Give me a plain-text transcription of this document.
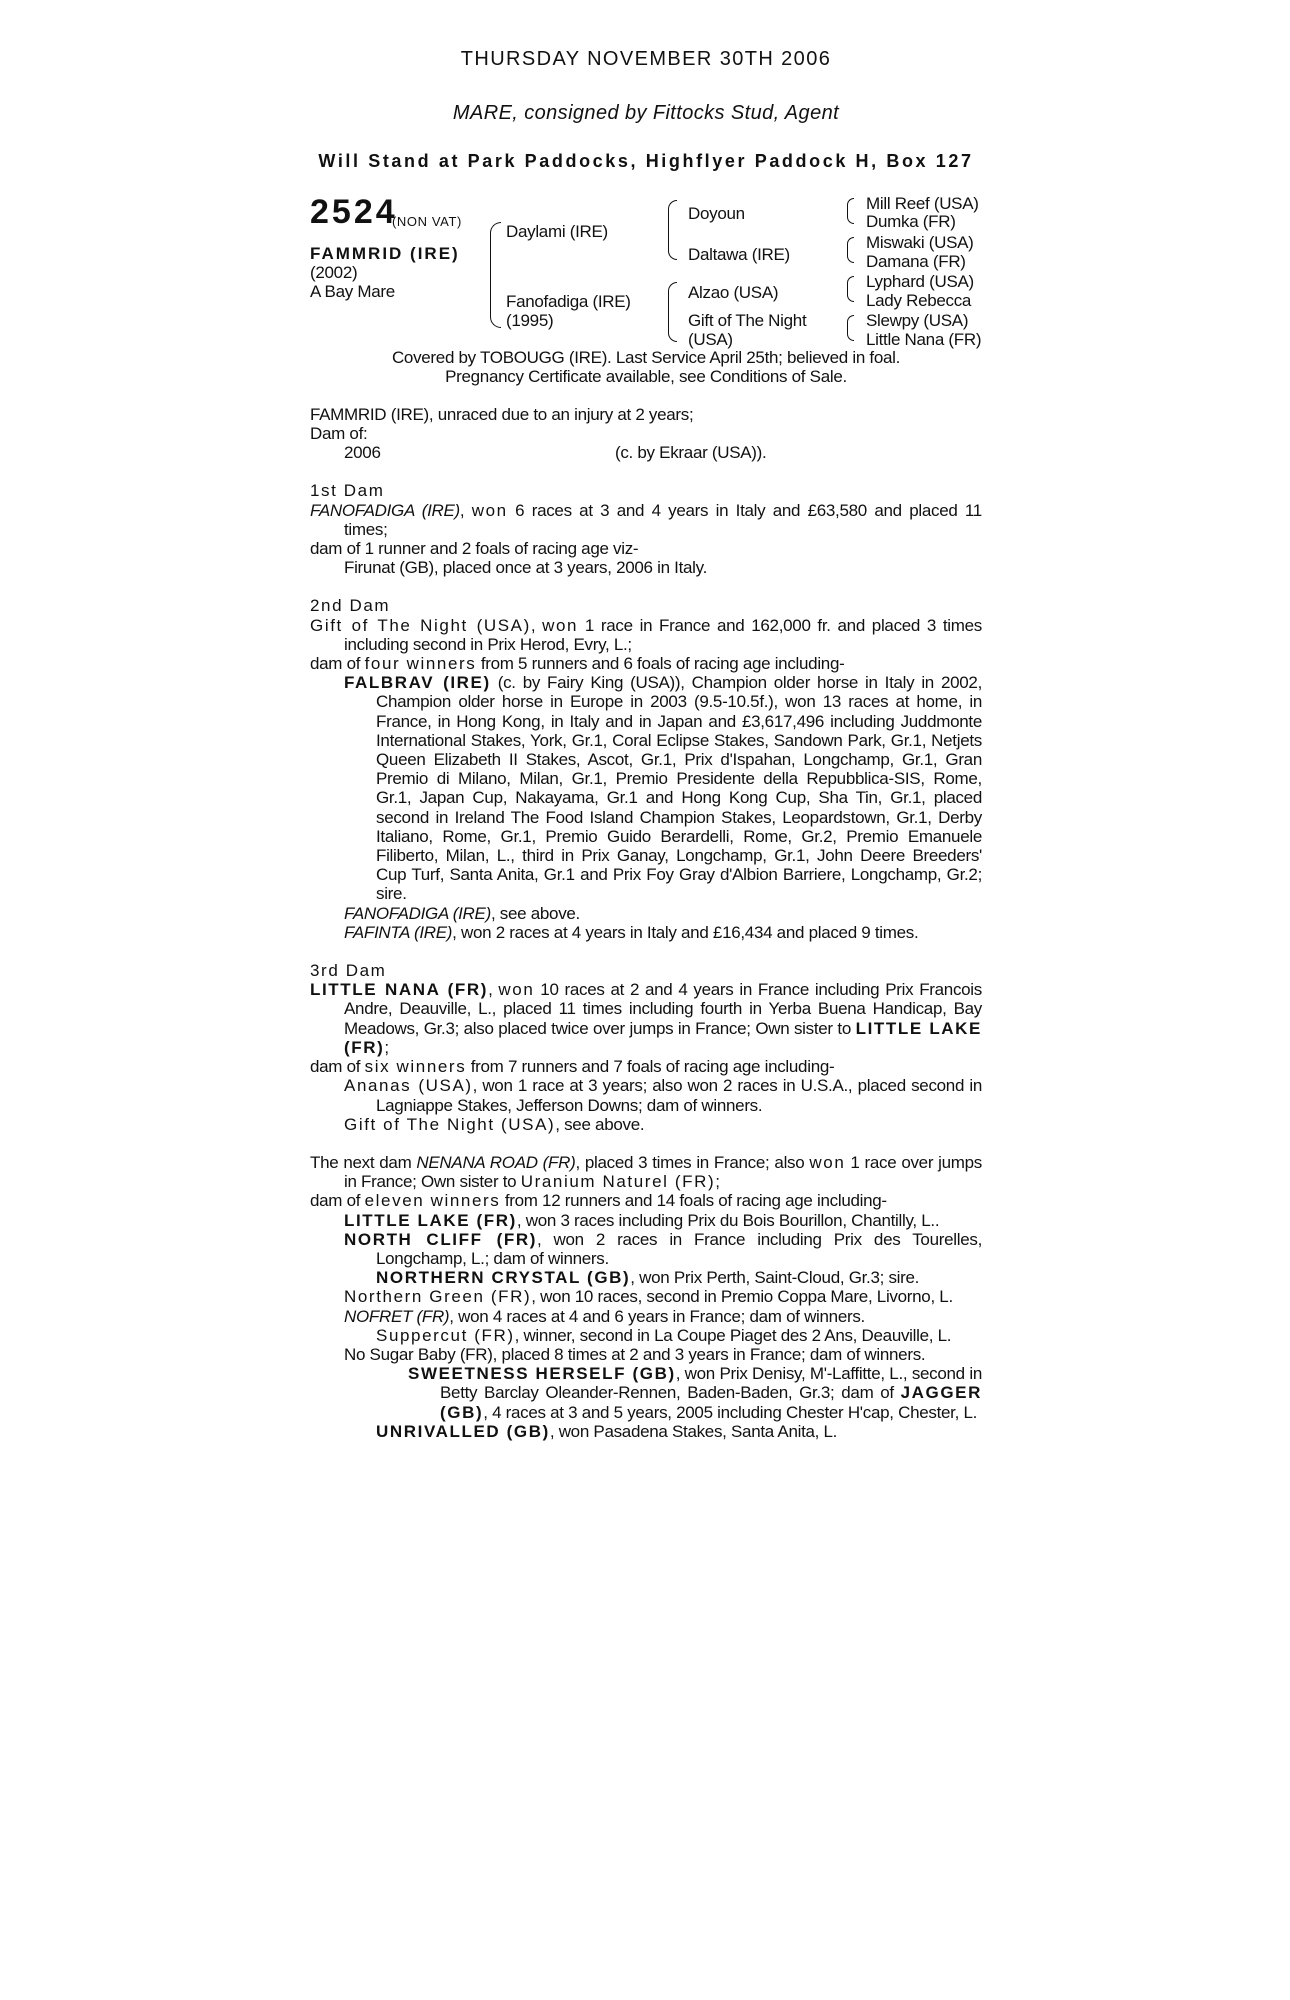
THURSDAY NOVEMBER 30TH 2006
MARE, consigned by Fittocks Stud, Agent
Will Stand at Park Paddocks, Highflyer Paddock H, Box 127
2524
(NON VAT)
FAMMRID (IRE)
(2002)
A Bay Mare
Daylami (IRE)
Fanofadiga (IRE)
(1995)
Doyoun
Daltawa (IRE)
Alzao (USA)
Gift of The Night
(USA)
Mill Reef (USA)
Dumka (FR)
Miswaki (USA)
Damana (FR)
Lyphard (USA)
Lady Rebecca
Slewpy (USA)
Little Nana (FR)
Covered by TOBOUGG (IRE). Last Service April 25th; believed in foal.
Pregnancy Certificate available, see Conditions of Sale.

FAMMRID (IRE), unraced due to an injury at 2 years;

Dam of:

2006	(c. by Ekraar (USA)).

1st Dam

FANOFADIGA (IRE), won 6 races at 3 and 4 years in Italy and £63,580 and placed 11 times;

dam of 1 runner and 2 foals of racing age viz-

Firunat (GB), placed once at 3 years, 2006 in Italy.

2nd Dam

Gift of The Night (USA), won 1 race in France and 162,000 fr. and placed 3 times including second in Prix Herod, Evry, L.;

dam of four winners from 5 runners and 6 foals of racing age including-

FALBRAV (IRE) (c. by Fairy King (USA)), Champion older horse in Italy in 2002, Champion older horse in Europe in 2003 (9.5-10.5f.), won 13 races at home, in France, in Hong Kong, in Italy and in Japan and £3,617,496 including Juddmonte International Stakes, York, Gr.1, Coral Eclipse Stakes, Sandown Park, Gr.1, Netjets Queen Elizabeth II Stakes, Ascot, Gr.1, Prix d'Ispahan, Longchamp, Gr.1, Gran Premio di Milano, Milan, Gr.1, Premio Presidente della Repubblica-SIS, Rome, Gr.1, Japan Cup, Nakayama, Gr.1 and Hong Kong Cup, Sha Tin, Gr.1, placed second in Ireland The Food Island Champion Stakes, Leopardstown, Gr.1, Derby Italiano, Rome, Gr.1, Premio Guido Berardelli, Rome, Gr.2, Premio Emanuele Filiberto, Milan, L., third in Prix Ganay, Longchamp, Gr.1, John Deere Breeders' Cup Turf, Santa Anita, Gr.1 and Prix Foy Gray d'Albion Barriere, Longchamp, Gr.2; sire.

FANOFADIGA (IRE), see above.

FAFINTA (IRE), won 2 races at 4 years in Italy and £16,434 and placed 9 times.

3rd Dam

LITTLE NANA (FR), won 10 races at 2 and 4 years in France including Prix Francois Andre, Deauville, L., placed 11 times including fourth in Yerba Buena Handicap, Bay Meadows, Gr.3; also placed twice over jumps in France; Own sister to LITTLE LAKE (FR);

dam of six winners from 7 runners and 7 foals of racing age including-

Ananas (USA), won 1 race at 3 years; also won 2 races in U.S.A., placed second in Lagniappe Stakes, Jefferson Downs; dam of winners.

Gift of The Night (USA), see above.

The next dam NENANA ROAD (FR), placed 3 times in France; also won 1 race over jumps in France; Own sister to Uranium Naturel (FR);

dam of eleven winners from 12 runners and 14 foals of racing age including-

LITTLE LAKE (FR), won 3 races including Prix du Bois Bourillon, Chantilly, L..

NORTH CLIFF (FR), won 2 races in France including Prix des Tourelles, Longchamp, L.; dam of winners.

NORTHERN CRYSTAL (GB), won Prix Perth, Saint-Cloud, Gr.3; sire.

Northern Green (FR), won 10 races, second in Premio Coppa Mare, Livorno, L.

NOFRET (FR), won 4 races at 4 and 6 years in France; dam of winners.

Suppercut (FR), winner, second in La Coupe Piaget des 2 Ans, Deauville, L.

No Sugar Baby (FR), placed 8 times at 2 and 3 years in France; dam of winners.

SWEETNESS HERSELF (GB), won Prix Denisy, M'-Laffitte, L., second in Betty Barclay Oleander-Rennen, Baden-Baden, Gr.3; dam of JAGGER (GB), 4 races at 3 and 5 years, 2005 including Chester H'cap, Chester, L.

UNRIVALLED (GB), won Pasadena Stakes, Santa Anita, L.
